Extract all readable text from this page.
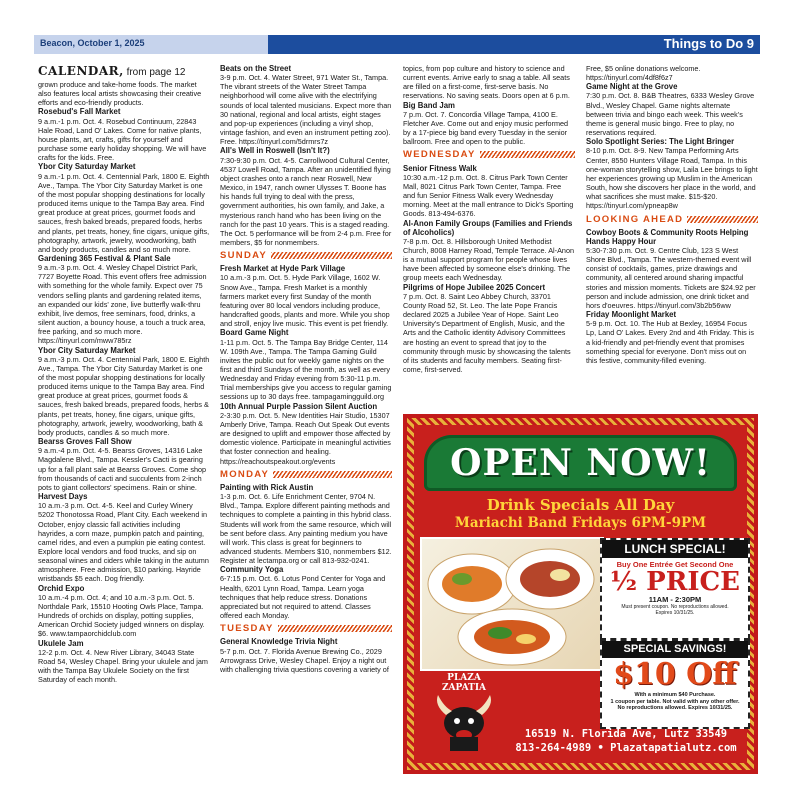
Beacon, October 1, 2025	Things to Do 9

CALENDAR, from page 12

grown produce and take-home foods. The market also features local artists showcasing their creative efforts and eco-friendly products.

Rosebud's Fall Market

9 a.m.-1 p.m. Oct. 4. Rosebud Continuum, 22843 Hale Road, Land O' Lakes. Come for native plants, house plants, art, crafts, gifts for yourself and purchase some early holiday shopping. We will have crafts for the kids. Free.

Ybor City Saturday Market

9 a.m.-1 p.m. Oct. 4. Centennial Park, 1800 E. Eighth Ave., Tampa. The Ybor City Saturday Market is one of the most popular shopping destinations for locally produced items unique to the Tampa Bay area. Find great produce at great prices, gourmet foods and sauces, fresh baked breads, prepared foods, herbs and plants, pet treats, honey, fine cigars, unique gifts, photography, artwork, jewelry, woodworking, bath and body products, candles and so much more.

Gardening 365 Festival & Plant Sale

9 a.m.-3 p.m. Oct. 4. Wesley Chapel District Park, 7727 Boyette Road. This event offers free admission with something for the whole family. Expect over 75 vendors selling plants and gardening related items, an expanded our kids' zone, live butterfly walk-thru exhibit, live demos, free seminars, food, drinks, a silent auction, a bouncy house, a touch a truck area, free parking, and so much more. https://tinyurl.com/mww785rz

Ybor City Saturday Market

9 a.m.-3 p.m. Oct. 4. Centennial Park, 1800 E. Eighth Ave., Tampa. The Ybor City Saturday Market is one of the most popular shopping destinations for locally produced items unique to the Tampa Bay area. Find great produce at great prices, gourmet foods & sauces, fresh baked breads, prepared foods, herbs & plants, pet treats, honey, fine cigars, unique gifts, photography, artwork, jewelry, woodworking, bath & body products, candles & so much more.

Bearss Groves Fall Show

9 a.m.-4 p.m. Oct. 4-5. Bearss Groves, 14316 Lake Magdalene Blvd., Tampa. Kessler's Cacti is gearing up for a fall plant sale at Bearss Groves. Come shop from thousands of cacti and succulents from 2-inch pots to giant collectors' specimens. Rain or shine.

Harvest Days

10 a.m.-3 p.m. Oct. 4-5. Keel and Curley Winery 5202 Thonotossa Road, Plant City. Each weekend in October, enjoy classic fall activities including hayrides, a corn maze, pumpkin patch and painting, camel rides, and even a pumpkin pie eating contest. Explore local vendors and food trucks, and sip on seasonal wines and ciders while taking in the autumn atmosphere. Free admission, $10 parking. Hayride wristbands $5 each. Dog friendly.

Orchid Expo

10 a.m.-4 p.m. Oct. 4; and 10 a.m.-3 p.m. Oct. 5. Northdale Park, 15510 Hooting Owls Place, Tampa. Hundreds of orchids on display, potting supplies, American Orchid Society judged winners on display. $6. www.tampaorchidclub.com

Ukulele Jam

12-2 p.m. Oct. 4. New River Library, 34043 State Road 54, Wesley Chapel. Bring your ukulele and jam with the Tampa Bay Ukulele Society on the first Saturday of each month.

Beats on the Street

3-9 p.m. Oct. 4. Water Street, 971 Water St., Tampa. The vibrant streets of the Water Street Tampa neighborhood will come alive with the electrifying sounds of local talented musicians. Expect more than 30 national, regional and local artists, eight stages and pop-up experiences (including a vinyl shop, vintage fashion, and even an instrument petting zoo). Free. https://tinyurl.com/5drmrs7z

All's Well in Roswell (Isn't It?)

7:30-9:30 p.m. Oct. 4-5. Carrollwood Cultural Center, 4537 Lowell Road, Tampa. After an unidentified flying object crashes onto a ranch near Roswell, New Mexico, in 1947, ranch owner Ulysses T. Boone has his hands full trying to deal with the press, government authorities, his own family, and Jake, a mysterious ranch hand who has been living on the ranch for the past 10 years. This is a staged reading. The Oct. 5 performance will be from 2-4 p.m. Free for members, $5 for nonmembers.

SUNDAY

Fresh Market at Hyde Park Village

10 a.m.-3 p.m. Oct. 5. Hyde Park Village, 1602 W. Snow Ave., Tampa. Fresh Market is a monthly farmers market every first Sunday of the month featuring over 80 local vendors including produce, handcrafted goods, plants and more. While you shop and stroll, enjoy live music. This event is pet friendly.

Board Game Night

1-11 p.m. Oct. 5. The Tampa Bay Bridge Center, 114 W. 109th Ave., Tampa. The Tampa Gaming Guild invites the public out for weekly game nights on the first and third Sundays of the month, as well as every Wednesday and Friday evening from 5:30-11 p.m. Trial memberships give you access to regular gaming sessions up to 30 days free. tampagamingguild.org

10th Annual Purple Passion Silent Auction

2-3:30 p.m. Oct. 5. New Identities Hair Studio, 15307 Amberly Drive, Tampa. Reach Out Speak Out events are designed to uplift and empower those affected by domestic violence. Participate in meaningful activities that foster connection and healing. https://reachoutspeakout.org/events

MONDAY

Painting with Rick Austin

1-3 p.m. Oct. 6. Life Enrichment Center, 9704 N. Blvd., Tampa. Explore different painting methods and techniques to complete a painting in this hybrid class. Students will work from the same resource, which will be sent before class. Any painting medium you have will work. This class is great for beginners to advanced students. Members $10, nonmembers $12. Register at lectampa.org or call 813-932-0241.

Community Yoga

6-7:15 p.m. Oct. 6. Lotus Pond Center for Yoga and Health, 6201 Lynn Road, Tampa. Learn yoga techniques that help reduce stress. Donations appreciated but not required to attend. Classes offered each Monday.

TUESDAY

General Knowledge Trivia Night

5-7 p.m. Oct. 7. Florida Avenue Brewing Co., 2029 Arrowgrass Drive, Wesley Chapel. Enjoy a night out with challenging trivia questions covering a variety of

topics, from pop culture and history to science and current events. Arrive early to snag a table. All seats are filled on a first-come, first-serve basis. No reservations. No saving seats. Doors open at 6 p.m.

Big Band Jam

7 p.m. Oct. 7. Concordia Village Tampa, 4100 E. Fletcher Ave. Come out and enjoy music performed by a 17-piece big band every Tuesday in the senior ballroom. Free and open to the public.

WEDNESDAY

Senior Fitness Walk

10:30 a.m.-12 p.m. Oct. 8. Citrus Park Town Center Mall, 8021 Citrus Park Town Center, Tampa. Free and fun Senior Fitness Walk every Wednesday morning. Meet at the mall entrance to Dick's Sporting Goods. 813-494-6376.

Al-Anon Family Groups (Families and Friends of Alcoholics)

7-8 p.m. Oct. 8. Hillsborough United Methodist Church, 8008 Harney Road, Temple Terrace. Al-Anon is a mutual support program for people whose lives have been affected by someone else's drinking. The group meets each Wednesday.

Pilgrims of Hope Jubilee 2025 Concert

7 p.m. Oct. 8. Saint Leo Abbey Church, 33701 County Road 52, St. Leo. The late Pope Francis declared 2025 a Jubilee Year of Hope. Saint Leo University's Department of English, Music, and the Arts and the Catholic identity Advisory Committees are hosting an event to spread that joy to the community through music by showcasing the talents of its students and faculty members. Seating first-come, first-served.

Free, $5 online donations welcome. https://tinyurl.com/4df8f6z7

Game Night at the Grove

7:30 p.m. Oct. 8. B&B Theatres, 6333 Wesley Grove Blvd., Wesley Chapel. Game nights alternate between trivia and bingo each week. This week's theme is general music bingo. Free to play, no reservations required.

Solo Spotlight Series: The Light Bringer

8-10 p.m. Oct. 8-9. New Tampa Performing Arts Center, 8550 Hunters Village Road, Tampa. In this one-woman storytelling show, Laila Lee brings to light her experiences growing up Muslim in the American South, how she discovers her place in the world, and what sacrifices she must make. $15-$20. https://tinyurl.com/ypneap8w

LOOKING AHEAD

Cowboy Boots & Community Roots Helping Hands Happy Hour

5:30-7:30 p.m. Oct. 9. Centre Club, 123 S West Shore Blvd., Tampa. The western-themed event will consist of cocktails, games, prize drawings and community, all centered around sharing impactful stories and mission moments. Tickets are $24.92 per person and include admission, one drink ticket and hors d'oeuvres. https://tinyurl.com/3b2b56ww

Friday Moonlight Market

5-9 p.m. Oct. 10. The Hub at Bexley, 16954 Focus Lp, Land O' Lakes. Every 2nd and 4th Friday. This is a kid-friendly and pet-friendly event that promises something special for everyone. Don't miss out on this festive, community-filled evening.

OPEN NOW!
Drink Specials All Day
Mariachi Band Fridays 6PM-9PM
LUNCH SPECIAL!
Buy One Entrée Get Second One
½ PRICE
11AM - 2:30PM
Must present coupon. No reproductions allowed.
Expires 10/31/25.
SPECIAL SAVINGS!
$10 Off
With a minimum $40 Purchase.
1 coupon per table. Not valid with any other offer.
No reproductions allowed. Expires 10/31/25.
PLAZA ZAPATIA
16519 N. Florida Ave, Lutz 33549
813-264-4989 • Plazatapatialutz.com
